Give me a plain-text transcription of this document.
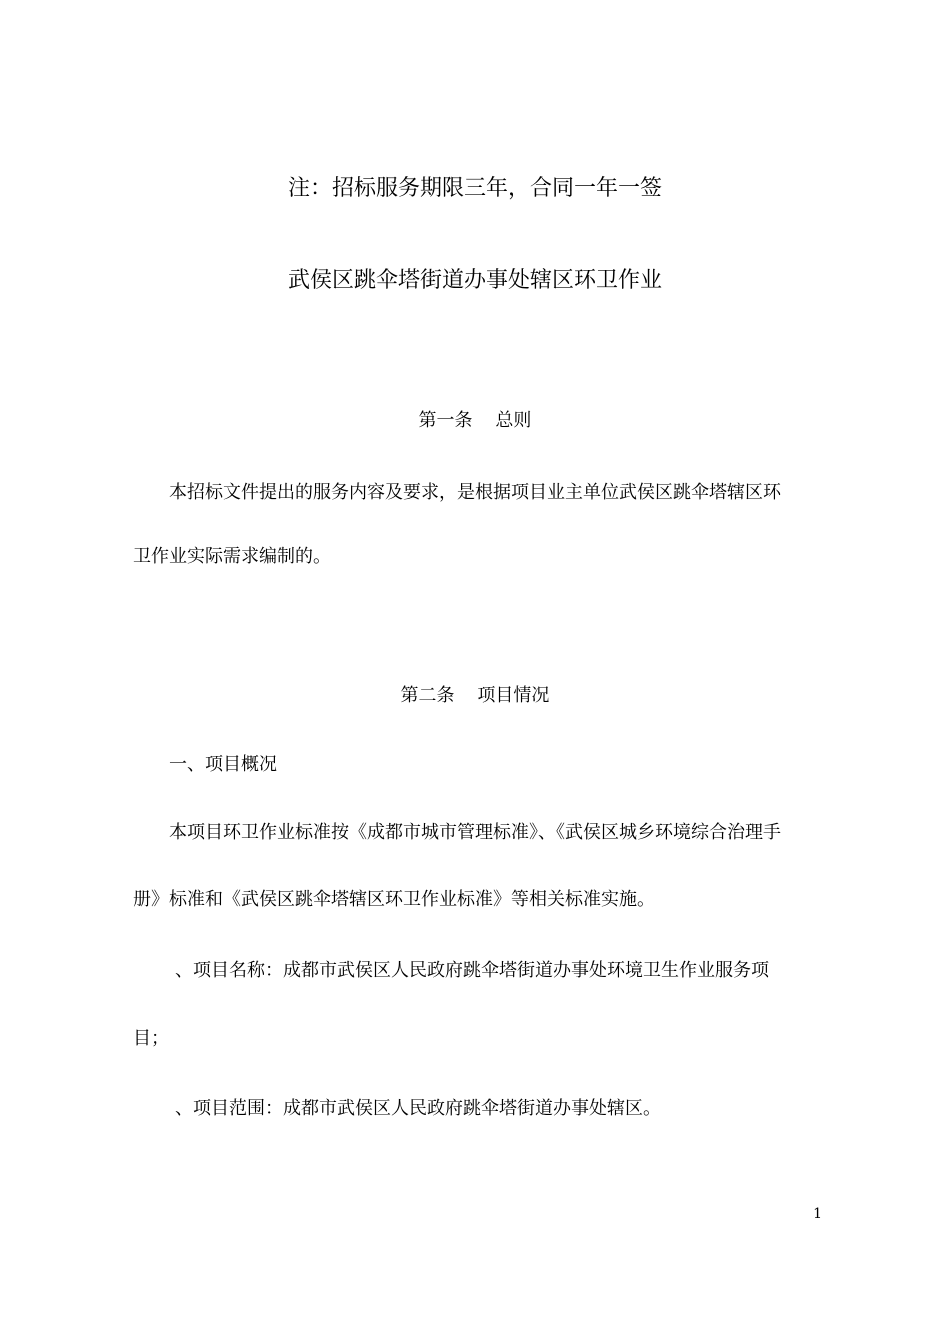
注：招标服务期限三年，合同一年一签
武侯区跳伞塔街道办事处辖区环卫作业
第一条    总则
本招标文件提出的服务内容及要求，是根据项目业主单位武侯区跳伞塔辖区环
卫作业实际需求编制的。
第二条    项目情况
一、项目概况
本项目环卫作业标准按《成都市城市管理标准》、《武侯区城乡环境综合治理手
册》标准和《武侯区跳伞塔辖区环卫作业标准》等相关标准实施。
、项目名称：成都市武侯区人民政府跳伞塔街道办事处环境卫生作业服务项
目；
、项目范围：成都市武侯区人民政府跳伞塔街道办事处辖区。
1
